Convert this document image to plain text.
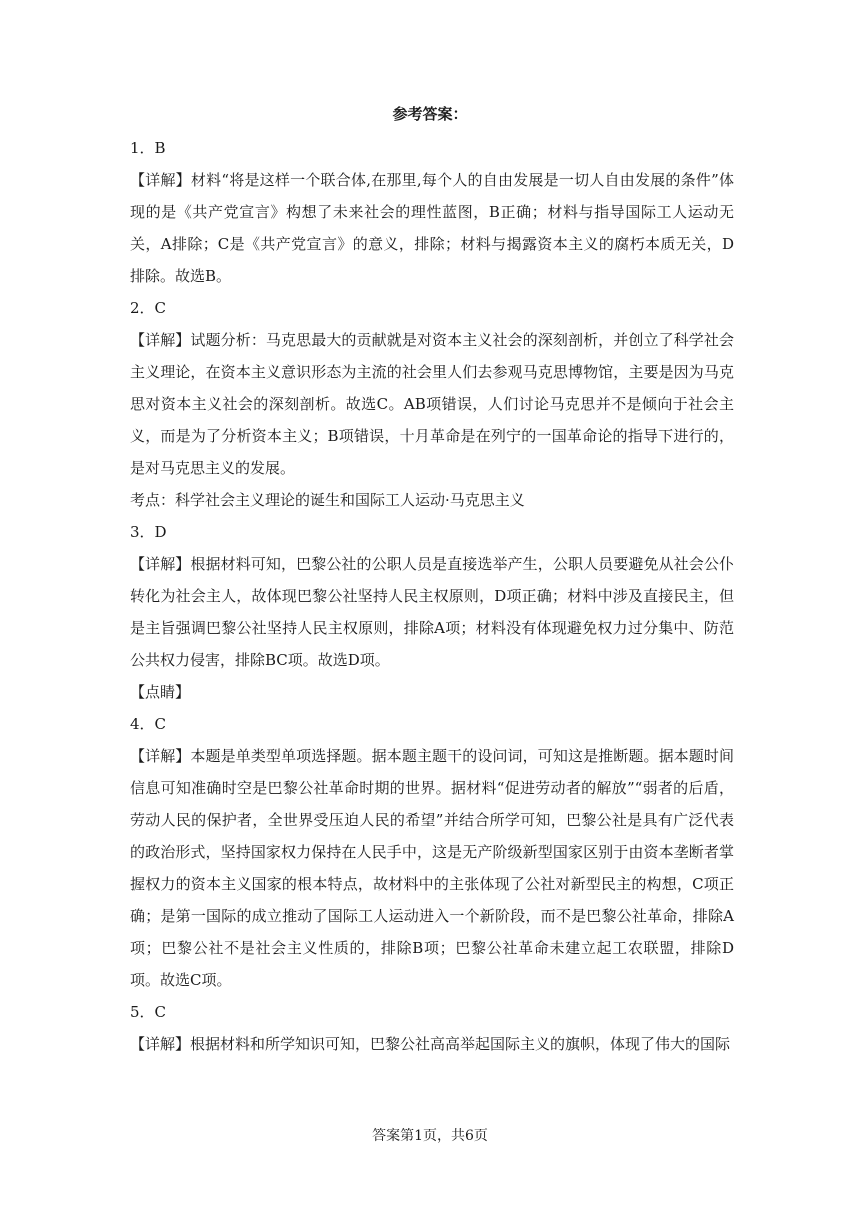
参考答案：

1．B

【详解】材料“将是这样一个联合体,在那里,每个人的自由发展是一切人自由发展的条件”体现的是《共产党宣言》构想了未来社会的理性蓝图，B正确；材料与指导国际工人运动无关，A排除；C是《共产党宣言》的意义，排除；材料与揭露资本主义的腐朽本质无关，D排除。故选B。

2．C

【详解】试题分析：马克思最大的贡献就是对资本主义社会的深刻剖析，并创立了科学社会主义理论，在资本主义意识形态为主流的社会里人们去参观马克思博物馆，主要是因为马克思对资本主义社会的深刻剖析。故选C。AB项错误，人们讨论马克思并不是倾向于社会主义，而是为了分析资本主义；B项错误，十月革命是在列宁的一国革命论的指导下进行的，是对马克思主义的发展。

考点：科学社会主义理论的诞生和国际工人运动·马克思主义

3．D

【详解】根据材料可知，巴黎公社的公职人员是直接选举产生，公职人员要避免从社会公仆转化为社会主人，故体现巴黎公社坚持人民主权原则，D项正确；材料中涉及直接民主，但是主旨强调巴黎公社坚持人民主权原则，排除A项；材料没有体现避免权力过分集中、防范公共权力侵害，排除BC项。故选D项。

【点睛】

4．C

【详解】本题是单类型单项选择题。据本题主题干的设问词，可知这是推断题。据本题时间信息可知准确时空是巴黎公社革命时期的世界。据材料“促进劳动者的解放”“弱者的后盾，劳动人民的保护者，全世界受压迫人民的希望”并结合所学可知，巴黎公社是具有广泛代表的政治形式，坚持国家权力保持在人民手中，这是无产阶级新型国家区别于由资本垄断者掌握权力的资本主义国家的根本特点，故材料中的主张体现了公社对新型民主的构想，C项正确；是第一国际的成立推动了国际工人运动进入一个新阶段，而不是巴黎公社革命，排除A项；巴黎公社不是社会主义性质的，排除B项；巴黎公社革命未建立起工农联盟，排除D项。故选C项。

5．C

【详解】根据材料和所学知识可知，巴黎公社高高举起国际主义的旗帜，体现了伟大的国际

答案第1页，共6页
